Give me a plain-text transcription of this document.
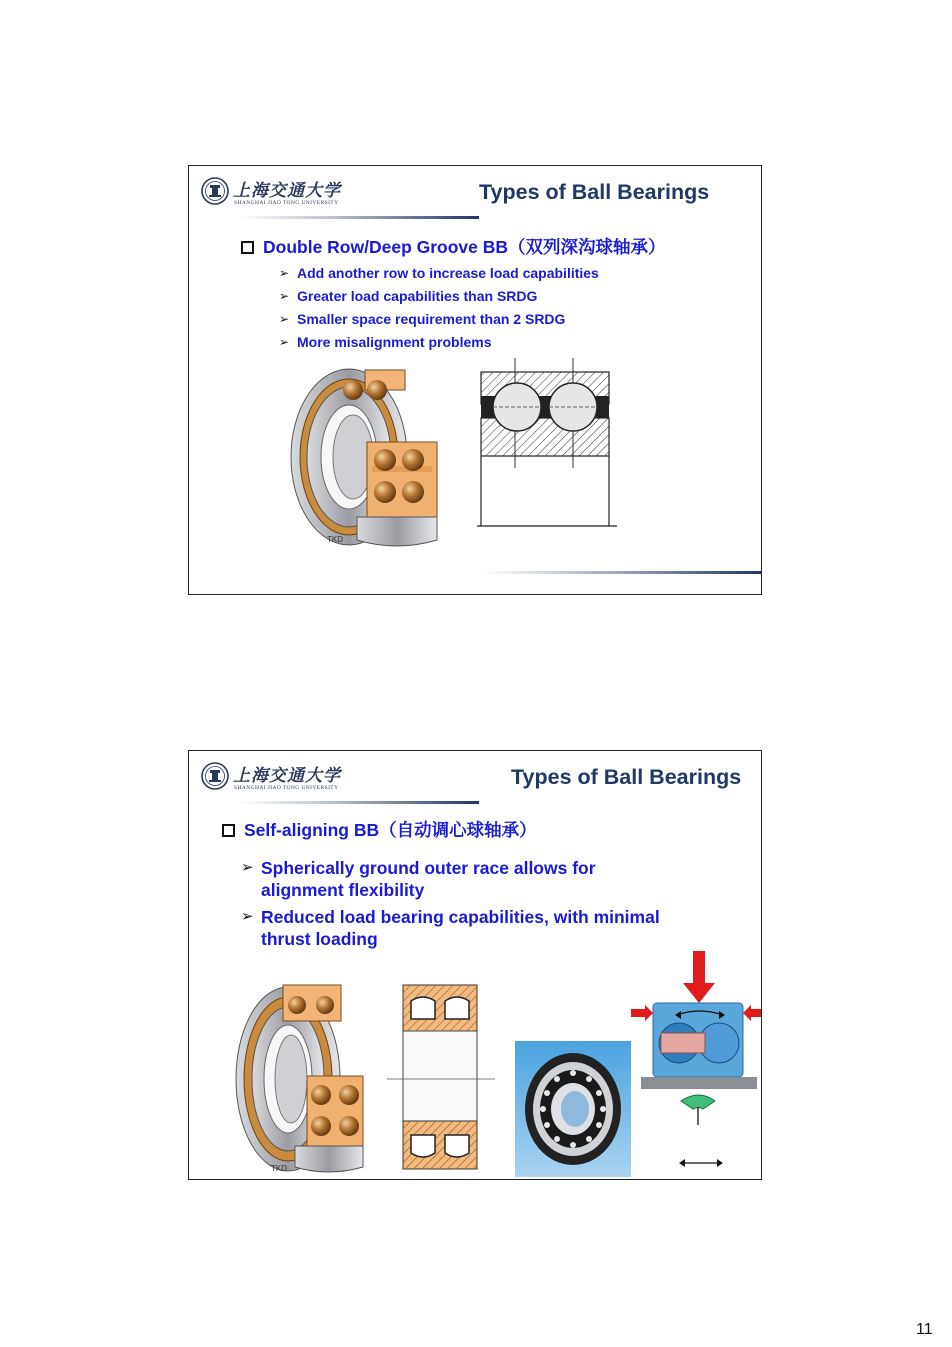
上海交通大学
SHANGHAI JIAO TONG UNIVERSITY	Types of Ball Bearings
Double Row/Deep Groove BB（双列深沟球轴承）
➢ Add another row to increase load capabilities
➢ Greater load capabilities than SRDG
➢ Smaller space requirement than 2 SRDG
➢ More misalignment problems
TKD
上海交通大学
SHANGHAI JIAO TONG UNIVERSITY	Types of Ball Bearings
Self-aligning BB（自动调心球轴承）
➢ Spherically ground outer race allows for alignment flexibility
➢ Reduced load bearing capabilities, with minimal thrust loading
TKD
11
